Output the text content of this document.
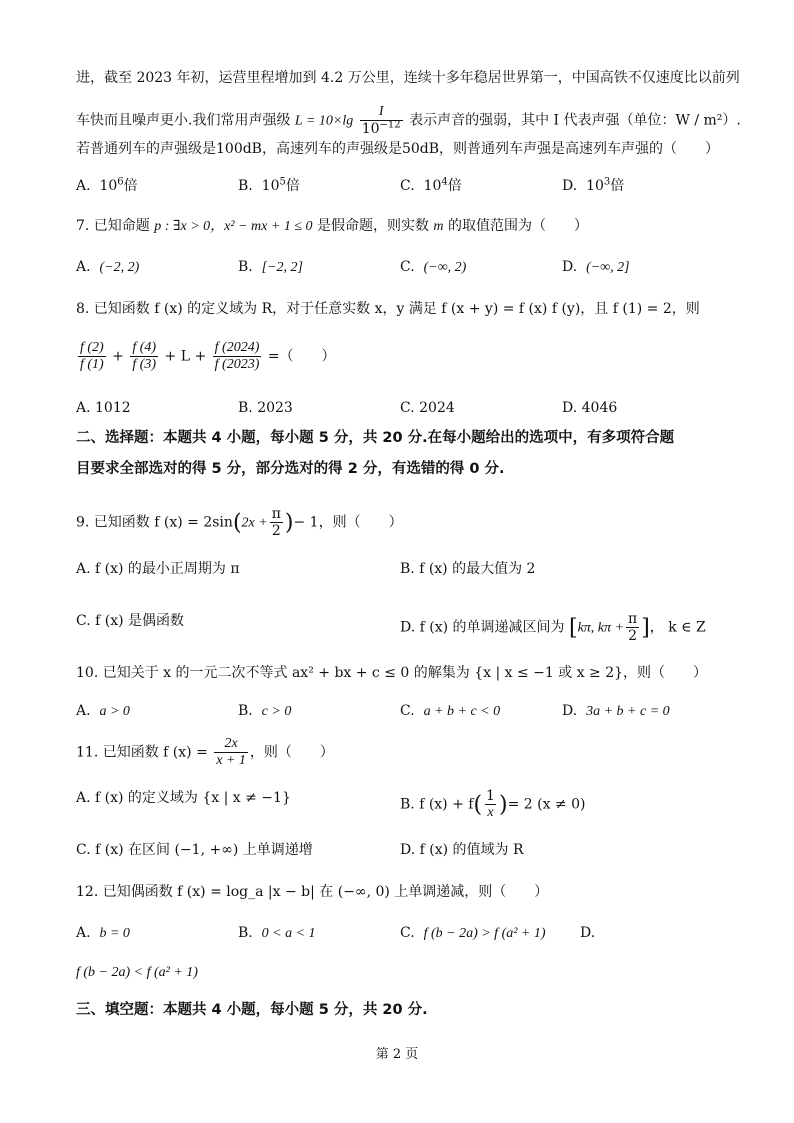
进，截至 2023 年初，运营里程增加到 4.2 万公里，连续十多年稳居世界第一，中国高铁不仅速度比以前列
车快而且噪声更小.我们常用声强级 $L = 10\times\lg \frac{I}{10^{-12}}$ 表示声音的强弱，其中 I 代表声强（单位：W / m²）.
若普通列车的声强级是100dB，高速列车的声强级是50dB，则普通列车声强是高速列车声强的（　　）
A. $10^6$倍	B. $10^5$倍	C. $10^4$倍	D. $10^3$倍
7. 已知命题 p : ∃x > 0，x² − mx + 1 ≤ 0 是假命题，则实数 m 的取值范围为（　　）
A. (−2, 2)	B. [−2, 2]	C. (−∞, 2)	D. (−∞, 2]
8. 已知函数 f (x) 的定义域为 R，对于任意实数 x，y 满足 f (x + y) = f (x) f (y)，且 f (1) = 2，则
$\frac{f (2)}{f (1)} + \frac{f (4)}{f (3)} + L + \frac{f (2024)}{f (2023)}$ =（　　）
A. 1012	B. 2023	C. 2024	D. 4046
二、选择题：本题共 4 小题，每小题 5 分，共 20 分.在每小题给出的选项中，有多项符合题
目要求全部选对的得 5 分，部分选对的得 2 分，有选错的得 0 分.
9. 已知函数 f $(x) = 2\sin(2x + \frac{\pi}{2}$ )− 1，则（　　）
A. f (x) 的最小正周期为 π	B. f (x) 的最大值为 2
C. f (x) 是偶函数	D. f (x) 的单调递减区间为 [kπ, $k\pi + \frac{\pi}{2}$ ]， k ∈ Z
10. 已知关于 x 的一元二次不等式 ax² + bx + c ≤ 0 的解集为 {x | x ≤ −1 或 x ≥ 2}，则（　　）
A. a > 0	B. c > 0	C. a + b + c < 0	D. 3a + b + c = 0
11. 已知函数 f $(x) = \frac{2x}{x + 1}$ ，则（　　）
A. f (x) 的定义域为 {x | x ≠ −1}	B. f $(x) + f( \frac{1}{x}$ )= 2 (x ≠ 0)
C. f (x) 在区间 (−1, +∞) 上单调递增	D. f (x) 的值域为 R
12. 已知偶函数 f (x) = log_a |x − b| 在 (−∞, 0) 上单调递减，则（　　）
A. b = 0	B. 0 < a < 1	C. f (b − 2a) > f (a² + 1) D.
f (b − 2a) < f (a² + 1)
三、填空题：本题共 4 小题，每小题 5 分，共 20 分.
第 2 页
